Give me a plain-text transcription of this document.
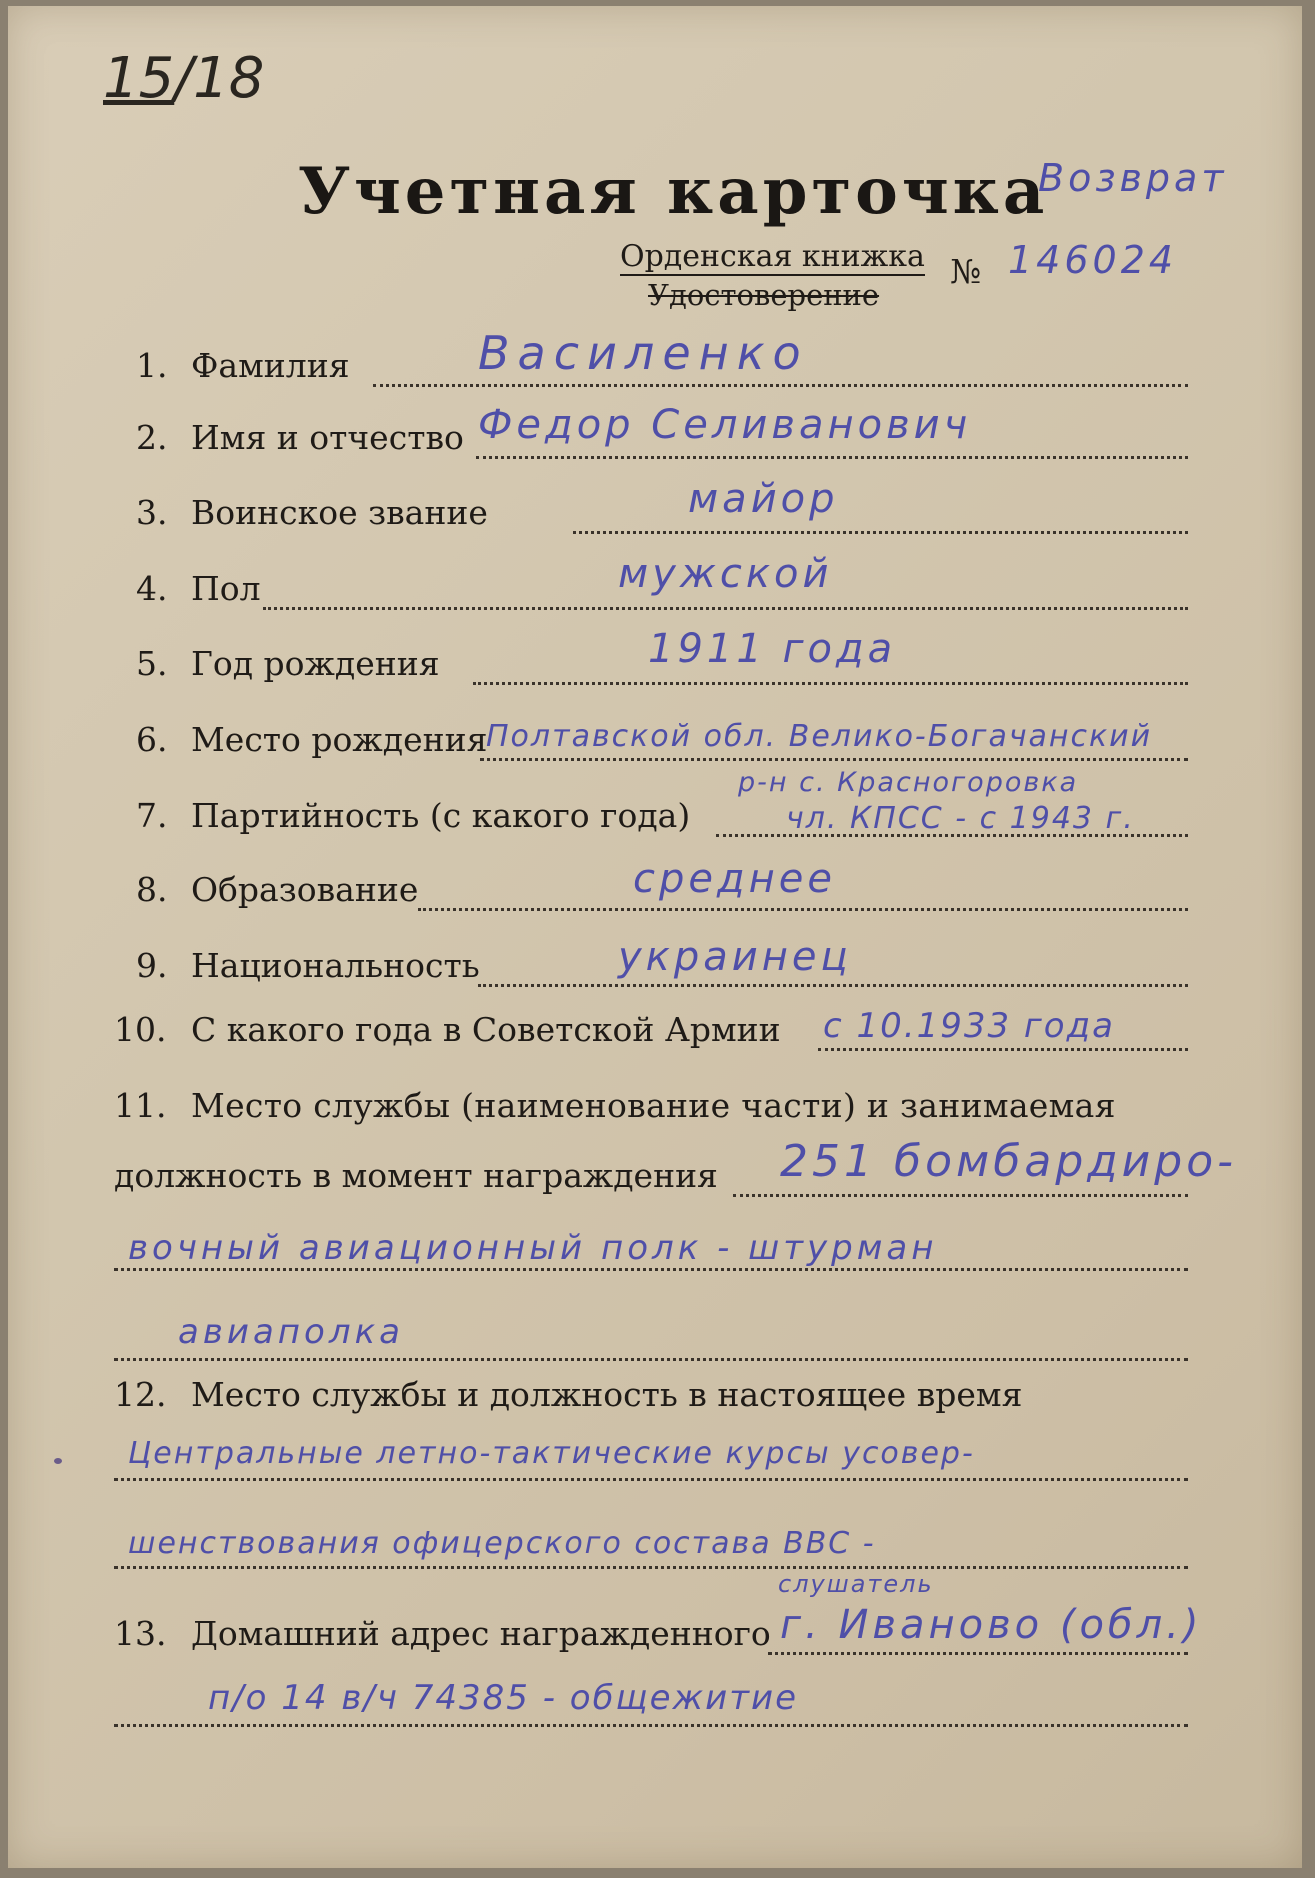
15/18
Учетная карточка
Возврат
Орденская книжка
Удостоверение
№ 146024
1. Фамилия	Василенко
2. Имя и отчество Федор Селиванович
3. Воинское звание	майор
4. Пол	мужской
5. Год рождения	1911 года
6. Место рождения
Полтавской обл. Велико-Богачанский
р-н с. Красногоровка
7. Партийность (с какого года)	чл. КПСС - с 1943 г.
8. Образование	среднее
9. Национальность	украинец
10. С какого года в Советской Армии с 10.1933 года
11. Место службы (наименование части) и занимаемая
должность в момент награждения 251 бомбардиро-
вочный авиационный полк - штурман
авиаполка
12. Место службы и должность в настоящее время
Центральные летно-тактические курсы усовер-
шенствования офицерского состава ВВС -
слушатель
13. Домашний адрес награжденного г. Иваново (обл.)
п/о 14 в/ч 74385 - общежитие
